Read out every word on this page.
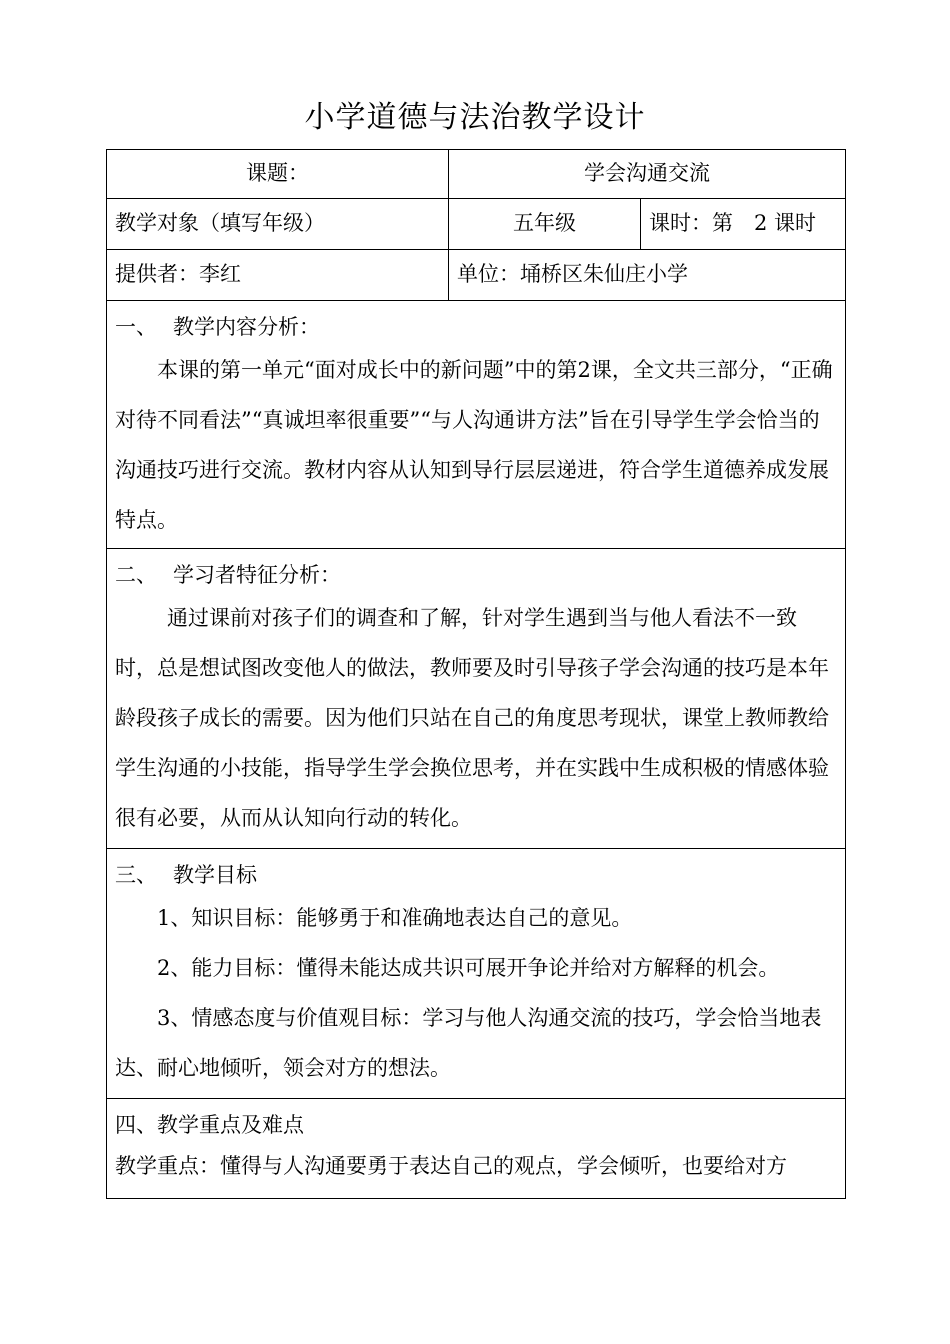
小学道德与法治教学设计
课题：	学会沟通交流	
教学对象（填写年级）	五年级	课时：第　2 课时
提供者：李红	单位：埇桥区朱仙庄小学	

一、 教学内容分析：
本课的第一单元“面对成长中的新问题”中的第2课，全文共三部分，“正确对待不同看法”“真诚坦率很重要”“与人沟通讲方法”旨在引导学生学会恰当的沟通技巧进行交流。教材内容从认知到导行层层递进，符合学生道德养成发展特点。		

二、 学习者特征分析：
通过课前对孩子们的调查和了解，针对学生遇到当与他人看法不一致时，总是想试图改变他人的做法，教师要及时引导孩子学会沟通的技巧是本年龄段孩子成长的需要。因为他们只站在自己的角度思考现状，课堂上教师教给学生沟通的小技能，指导学生学会换位思考，并在实践中生成积极的情感体验很有必要，从而从认知向行动的转化。		

三、 教学目标
1、知识目标：能够勇于和准确地表达自己的意见。
2、能力目标：懂得未能达成共识可展开争论并给对方解释的机会。
3、情感态度与价值观目标：学习与他人沟通交流的技巧，学会恰当地表达、耐心地倾听，领会对方的想法。		

四、教学重点及难点
教学重点：懂得与人沟通要勇于表达自己的观点，学会倾听，也要给对方		
